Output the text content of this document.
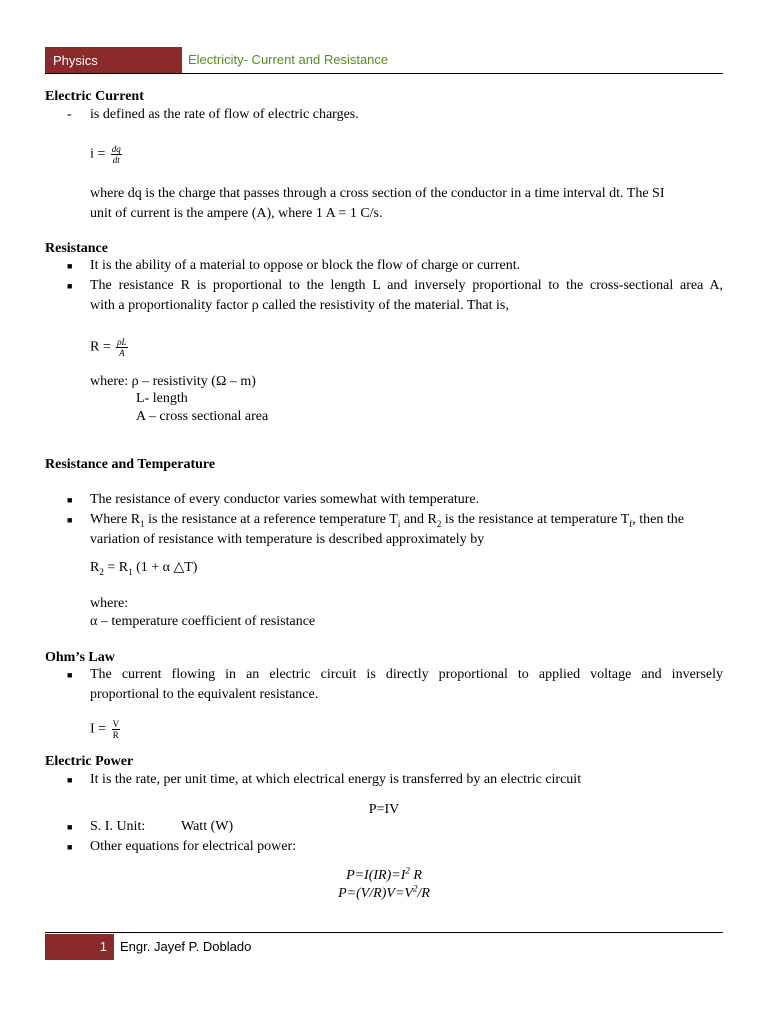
Physics	Electricity- Current and Resistance
Electric Current
- is defined as the rate of flow of electric charges.
$i = \frac{dq}{dt}$
where dq is the charge that passes through a cross section of the conductor in a time interval dt. The SI
unit of current is the ampere (A), where 1 A = 1 C/s.
Resistance
■ It is the ability of a material to oppose or block the flow of charge or current.
■ The resistance R is proportional to the length L and inversely proportional to the cross-sectional area A,
with a proportionality factor ρ called the resistivity of the material. That is,
$R = \frac{\rho L}{A}$
where: ρ – resistivity (Ω – m)
L- length
A – cross sectional area
Resistance and Temperature
■ The resistance of every conductor varies somewhat with temperature.
■ Where $R_1$ is the resistance at a reference temperature $T_i$ and $R_2$ is the resistance at temperature $T_f$, then the
variation of resistance with temperature is described approximately by
$R_2 = R_1$ (1 + α △T)
where:
α – temperature coefficient of resistance
Ohm’s Law
■ The current flowing in an electric circuit is directly proportional to applied voltage and inversely
proportional to the equivalent resistance.
$I = \frac{V}{R}$
Electric Power
■ It is the rate, per unit time, at which electrical energy is transferred by an electric circuit
P=IV
■ S. I. Unit:	Watt (W)
■ Other equations for electrical power:
$P=I(IR)=I^2$ R
$P=(V/R)V=V^2/R$
1	Engr. Jayef P. Doblado
